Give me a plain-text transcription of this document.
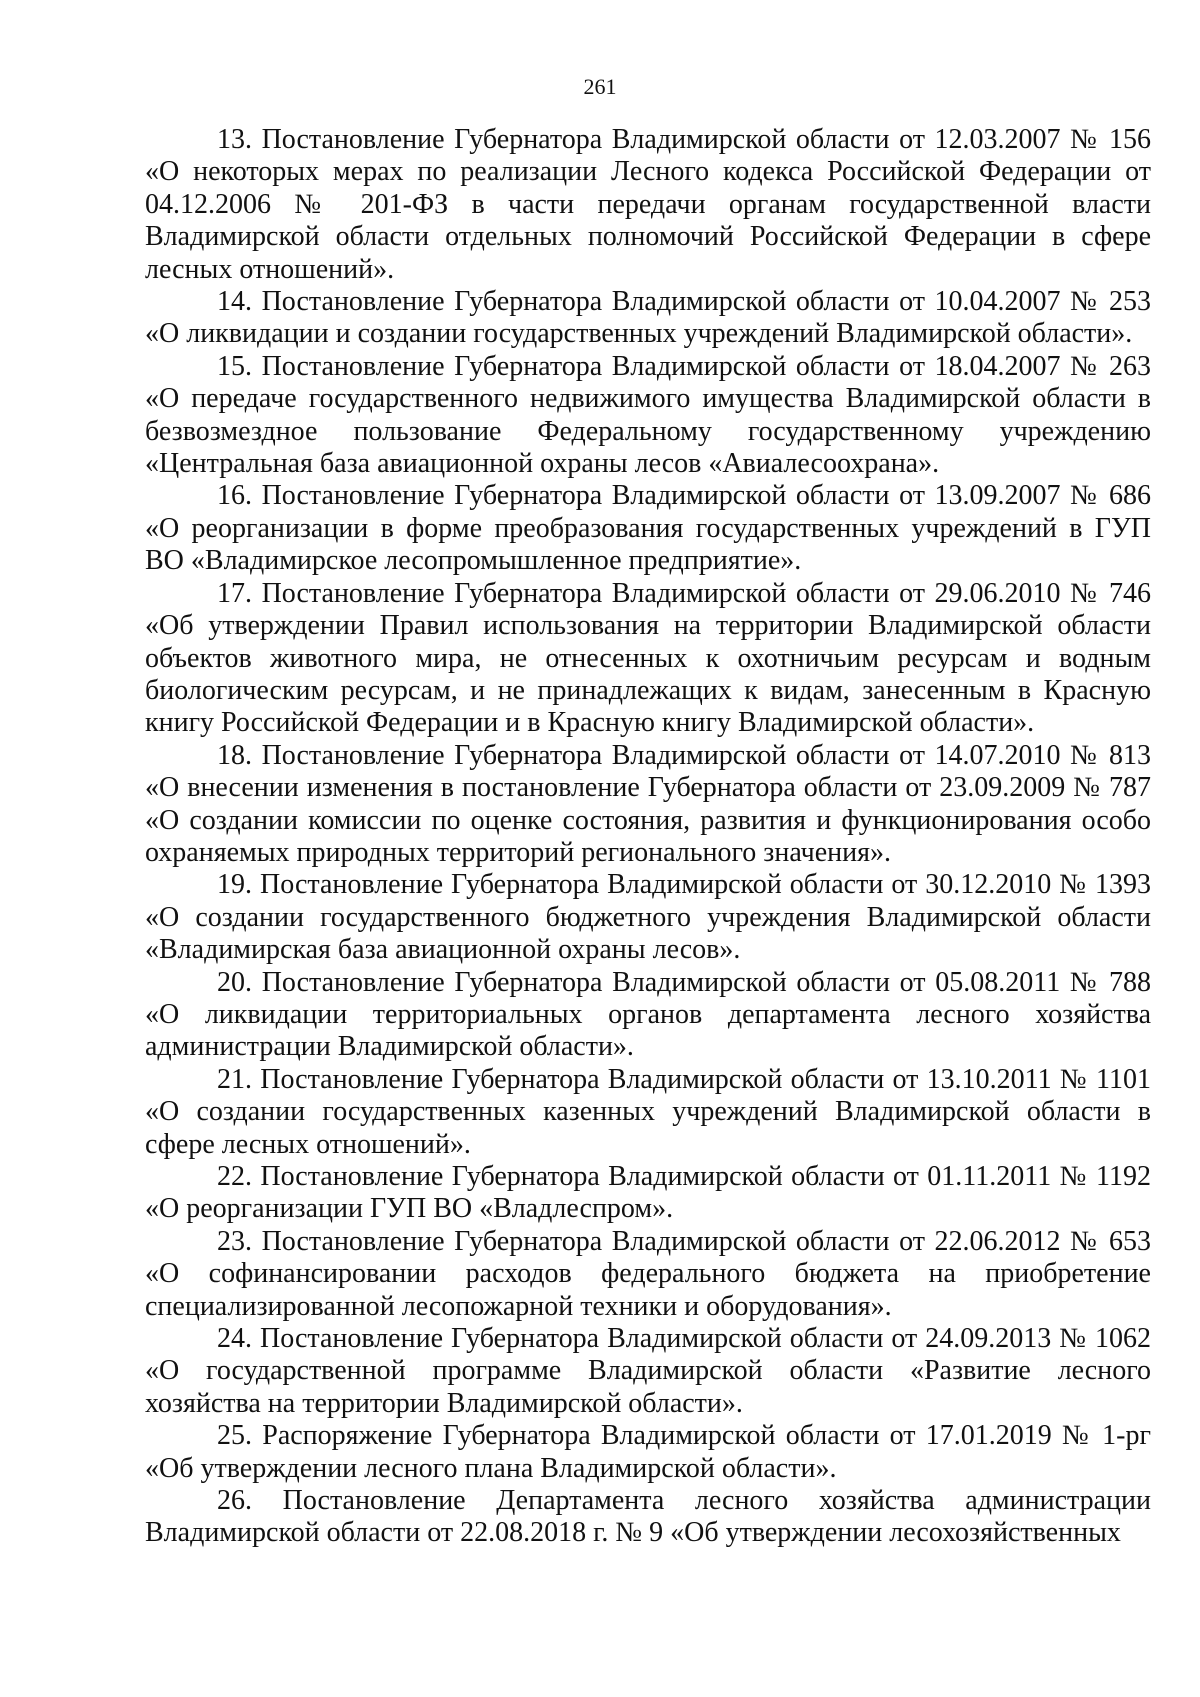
261

13. Постановление Губернатора Владимирской области от 12.03.2007 № 156 «О некоторых мерах по реализации Лесного кодекса Российской Федерации от 04.12.2006 № 201-ФЗ в части передачи органам государственной власти Владимирской области отдельных полномочий Российской Федерации в сфере лесных отношений».

14. Постановление Губернатора Владимирской области от 10.04.2007 № 253 «О ликвидации и создании государственных учреждений Владимирской области».

15. Постановление Губернатора Владимирской области от 18.04.2007 № 263 «О передаче государственного недвижимого имущества Владимирской области в безвозмездное пользование Федеральному государственному учреждению «Центральная база авиационной охраны лесов «Авиалесоохрана».

16. Постановление Губернатора Владимирской области от 13.09.2007 № 686 «О реорганизации в форме преобразования государственных учреждений в ГУП ВО «Владимирское лесопромышленное предприятие».

17. Постановление Губернатора Владимирской области от 29.06.2010 № 746 «Об утверждении Правил использования на территории Владимирской области объектов животного мира, не отнесенных к охотничьим ресурсам и водным биологическим ресурсам, и не принадлежащих к видам, занесенным в Красную книгу Российской Федерации и в Красную книгу Владимирской области».

18. Постановление Губернатора Владимирской области от 14.07.2010 № 813 «О внесении изменения в постановление Губернатора области от 23.09.2009 № 787 «О создании комиссии по оценке состояния, развития и функционирования особо охраняемых природных территорий регионального значения».

19. Постановление Губернатора Владимирской области от 30.12.2010 № 1393 «О создании государственного бюджетного учреждения Владимирской области «Владимирская база авиационной охраны лесов».

20. Постановление Губернатора Владимирской области от 05.08.2011 № 788 «О ликвидации территориальных органов департамента лесного хозяйства администрации Владимирской области».

21. Постановление Губернатора Владимирской области от 13.10.2011 № 1101 «О создании государственных казенных учреждений Владимирской области в сфере лесных отношений».

22. Постановление Губернатора Владимирской области от 01.11.2011 № 1192 «О реорганизации ГУП ВО «Владлеспром».

23. Постановление Губернатора Владимирской области от 22.06.2012 № 653 «О софинансировании расходов федерального бюджета на приобретение специализированной лесопожарной техники и оборудования».

24. Постановление Губернатора Владимирской области от 24.09.2013 № 1062 «О государственной программе Владимирской области «Развитие лесного хозяйства на территории Владимирской области».

25. Распоряжение Губернатора Владимирской области от 17.01.2019 № 1-рг «Об утверждении лесного плана Владимирской области».

26. Постановление Департамента лесного хозяйства администрации Владимирской области от 22.08.2018 г. № 9 «Об утверждении лесохозяйственных
